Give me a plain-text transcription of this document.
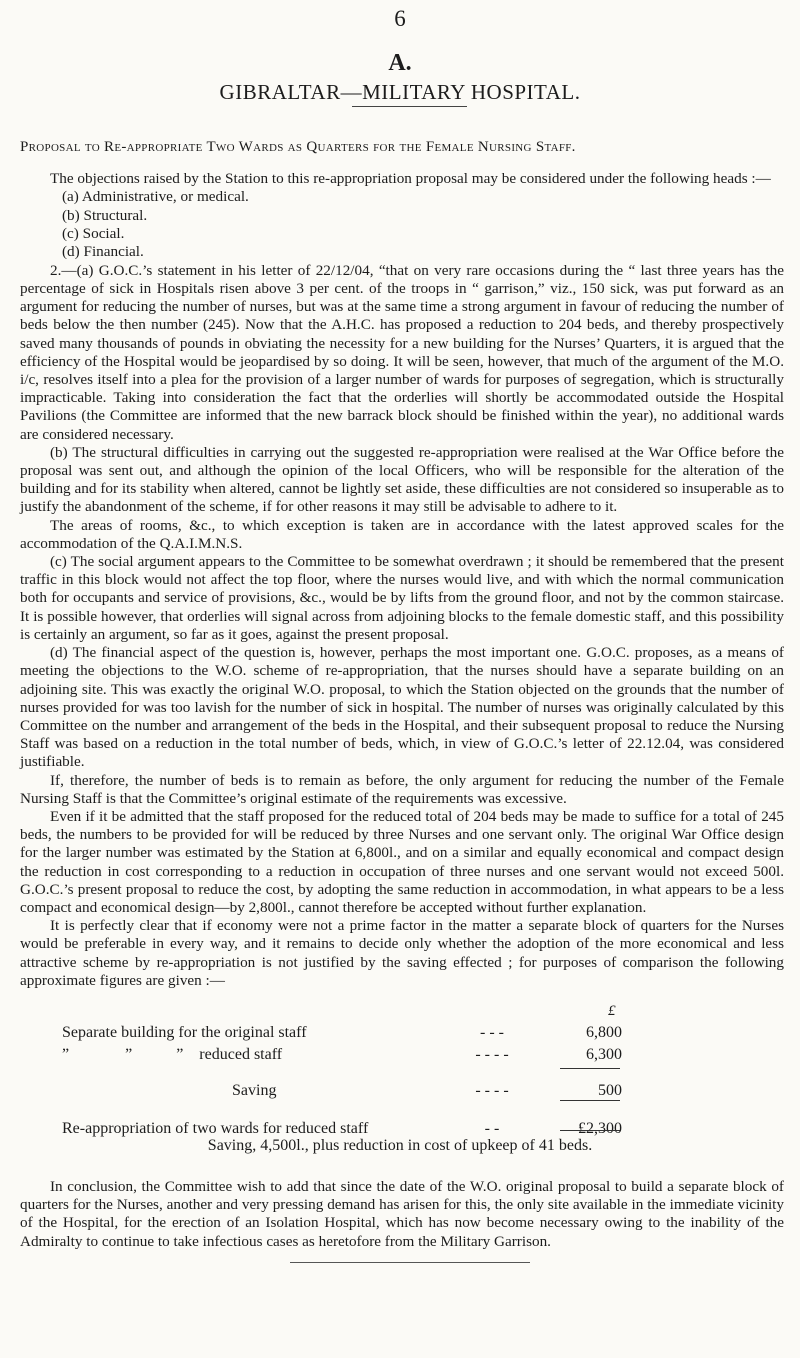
6
A.
GIBRALTAR—MILITARY HOSPITAL.
Proposal to Re-appropriate Two Wards as Quarters for the Female Nursing Staff.

The objections raised by the Station to this re-appropriation proposal may be considered under the following heads :—

(a) Administrative, or medical.
(b) Structural.
(c) Social.
(d) Financial.

2.—(a) G.O.C.’s statement in his letter of 22/12/04, “that on very rare occasions during the “ last three years has the percentage of sick in Hospitals risen above 3 per cent. of the troops in “ garrison,” viz., 150 sick, was put forward as an argument for reducing the number of nurses, but was at the same time a strong argument in favour of reducing the number of beds below the then number (245). Now that the A.H.C. has proposed a reduction to 204 beds, and thereby prospectively saved many thousands of pounds in obviating the necessity for a new building for the Nurses’ Quarters, it is argued that the efficiency of the Hospital would be jeopardised by so doing. It will be seen, however, that much of the argument of the M.O. i/c, resolves itself into a plea for the provision of a larger number of wards for purposes of segregation, which is structurally impracticable. Taking into consideration the fact that the orderlies will shortly be accommodated outside the Hospital Pavilions (the Committee are informed that the new barrack block should be finished within the year), no additional wards are considered necessary.

(b) The structural difficulties in carrying out the suggested re-appropriation were realised at the War Office before the proposal was sent out, and although the opinion of the local Officers, who will be responsible for the alteration of the building and for its stability when altered, cannot be lightly set aside, these difficulties are not considered so insuperable as to justify the abandonment of the scheme, if for other reasons it may still be advisable to adhere to it.

The areas of rooms, &c., to which exception is taken are in accordance with the latest approved scales for the accommodation of the Q.A.I.M.N.S.

(c) The social argument appears to the Committee to be somewhat overdrawn ; it should be remembered that the present traffic in this block would not affect the top floor, where the nurses would live, and with which the normal communication both for occupants and service of provisions, &c., would be by lifts from the ground floor, and not by the common staircase. It is possible however, that orderlies will signal across from adjoining blocks to the female domestic staff, and this possibility is certainly an argument, so far as it goes, against the present proposal.

(d) The financial aspect of the question is, however, perhaps the most important one. G.O.C. proposes, as a means of meeting the objections to the W.O. scheme of re-appropriation, that the nurses should have a separate building on an adjoining site. This was exactly the original W.O. proposal, to which the Station objected on the grounds that the number of nurses provided for was too lavish for the number of sick in hospital. The number of nurses was originally calculated by this Committee on the number and arrangement of the beds in the Hospital, and their subsequent proposal to reduce the Nursing Staff was based on a reduction in the total number of beds, which, in view of G.O.C.’s letter of 22.12.04, was considered justifiable.

If, therefore, the number of beds is to remain as before, the only argument for reducing the number of the Female Nursing Staff is that the Committee’s original estimate of the requirements was excessive.

Even if it be admitted that the staff proposed for the reduced total of 204 beds may be made to suffice for a total of 245 beds, the numbers to be provided for will be reduced by three Nurses and one servant only. The original War Office design for the larger number was estimated by the Station at 6,800l., and on a similar and equally economical and compact design the reduction in cost corresponding to a reduction in occupation of three nurses and one servant would not exceed 500l. G.O.C.’s present proposal to reduce the cost, by adopting the same reduction in accommodation, in what appears to be a less compact and economical design—by 2,800l., cannot therefore be accepted without further explanation.

It is perfectly clear that if economy were not a prime factor in the matter a separate block of quarters for the Nurses would be preferable in every way, and it remains to decide only whether the adoption of the more economical and less attractive scheme by re-appropriation is not justified by the saving effected ; for purposes of comparison the following approximate figures are given :—

£
Separate building for the original staff	- - -	6,800
”              ”           ”    reduced staff	- - - -	6,300
Saving	- - - -	500
Re-appropriation of two wards for reduced staff	- -	£2,300
Saving, 4,500l., plus reduction in cost of upkeep of 41 beds.

In conclusion, the Committee wish to add that since the date of the W.O. original proposal to build a separate block of quarters for the Nurses, another and very pressing demand has arisen for this, the only site available in the immediate vicinity of the Hospital, for the erection of an Isolation Hospital, which has now become necessary owing to the inability of the Admiralty to continue to take infectious cases as heretofore from the Military Garrison.
